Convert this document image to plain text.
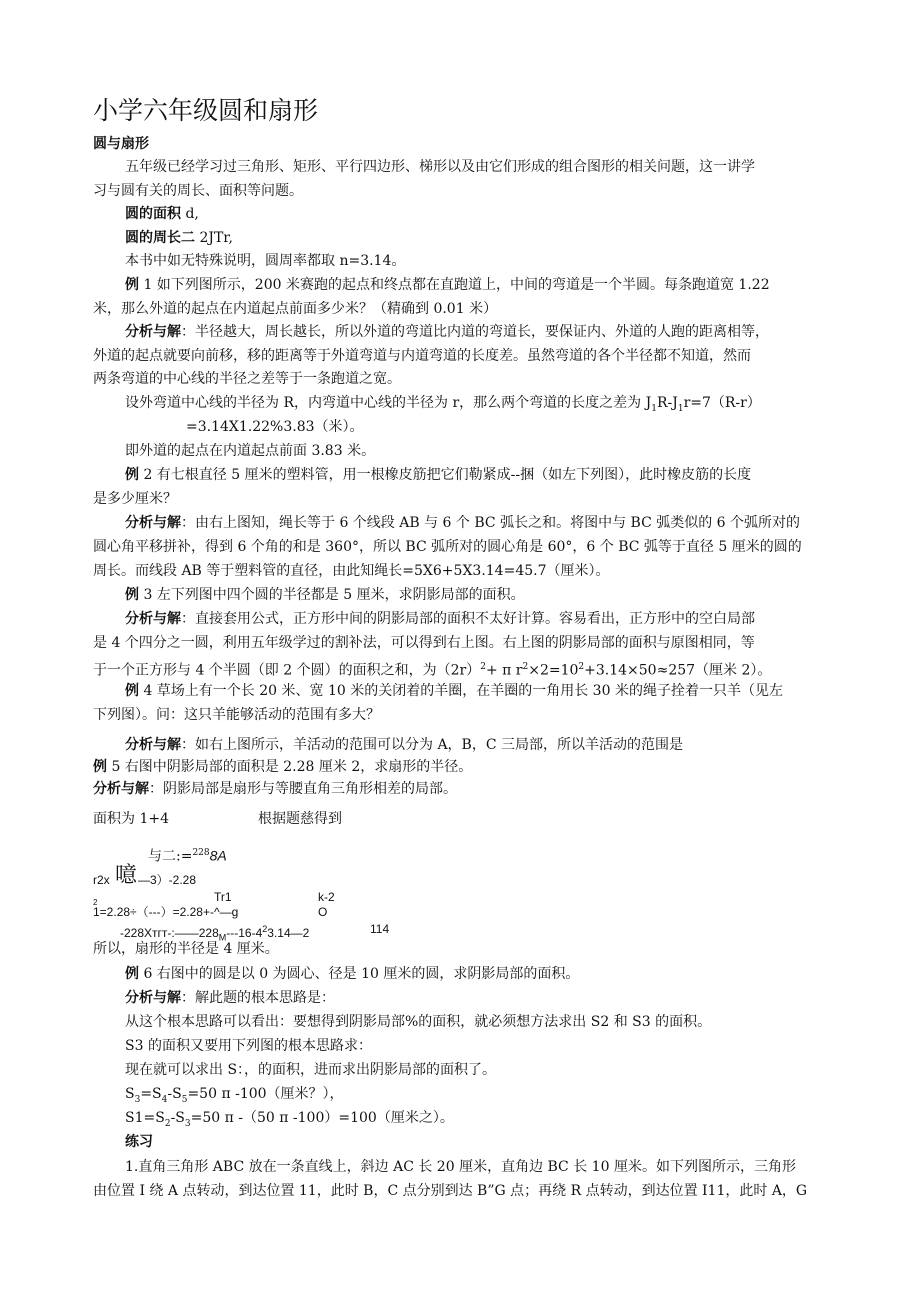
小学六年级圆和扇形
圆与扇形
五年级已经学习过三角形、矩形、平行四边形、梯形以及由它们形成的组合图形的相关问题，这一讲学
习与圆有关的周长、面积等问题。
圆的面积 d,
圆的周长二 2JTr,
本书中如无特殊说明，圆周率都取 n=3.14。
例 1 如下列图所示，200 米赛跑的起点和终点都在直跑道上，中间的弯道是一个半圆。每条跑道宽 1.22
米，那么外道的起点在内道起点前面多少米？（精确到 0.01 米）
分析与解：半径越大，周长越长，所以外道的弯道比内道的弯道长，要保证内、外道的人跑的距离相等，
外道的起点就要向前移，移的距离等于外道弯道与内道弯道的长度差。虽然弯道的各个半径都不知道，然而
两条弯道的中心线的半径之差等于一条跑道之宽。
设外弯道中心线的半径为 R，内弯道中心线的半径为 r，那么两个弯道的长度之差为 $J_1R-J_1r=7(R-r)$
=3.14X1.22%3.83（米）。
即外道的起点在内道起点前面 3.83 米。
例 2 有七根直径 5 厘米的塑料管，用一根橡皮筋把它们勒紧成--捆（如左下列图），此时橡皮筋的长度
是多少厘米？
分析与解：由右上图知，绳长等于 6 个线段 AB 与 6 个 BC 弧长之和。将图中与 BC 弧类似的 6 个弧所对的
圆心角平移拼补，得到 6 个角的和是 360°，所以 BC 弧所对的圆心角是 60°，6 个 BC 弧等于直径 5 厘米的圆的
周长。而线段 AB 等于塑料管的直径，由此知绳长=5X6+5X3.14=45.7（厘米）。
例 3 左下列图中四个圆的半径都是 5 厘米，求阴影局部的面积。
分析与解：直接套用公式，正方形中间的阴影局部的面积不太好计算。容易看出，正方形中的空白局部
是 4 个四分之一圆，利用五年级学过的割补法，可以得到右上图。右上图的阴影局部的面积与原图相同，等
于一个正方形与 4 个半圆（即 2 个圆）的面积之和，为$(2r)^2+ \pi$ $r^2\times 2=10^2+3.14\times 50\approx 257$（厘米 2）。
例 4 草场上有一个长 20 米、宽 10 米的关闭着的羊圈，在羊圈的一角用长 30 米的绳子拴着一只羊（见左
下列图）。问：这只羊能够活动的范围有多大？
分析与解：如右上图所示，羊活动的范围可以分为 A，B，C 三局部，所以羊活动的范围是
例 5 右图中阴影局部的面积是 2.28 厘米 2，求扇形的半径。
分析与解：阴影局部是扇形与等腰直角三角形相差的局部。
面积为 1+4	根据题慈得到
与二:=$^{228}$8A
r2x 噫 —3）-2.28
Tr1	k-2
2
1=2.28÷（---）=2.28+-^—g	O
$-228Xтгт-:——228_M---16-4^23.14—2$	114
所以，扇形的半径是 4 厘米。
例 6 右图中的圆是以 0 为圆心、径是 10 厘米的圆，求阴影局部的面积。
分析与解：解此题的根本思路是：
从这个根本思路可以看出：要想得到阴影局部%的面积，就必须想方法求出 S2 和 S3 的面积。
S3 的面积又要用下列图的根本思路求：
现在就可以求出 S：，的面积，进而求出阴影局部的面积了。
$S_3=S_4-S_5=50$ π -100（厘米？），
$S1=S_2-S_3=50$ π -（50 π -100）=100（厘米之）。
练习
1.直角三角形 ABC 放在一条直线上，斜边 AC 长 20 厘米，直角边 BC 长 10 厘米。如下列图所示，三角形
由位置 I 绕 A 点转动，到达位置 11，此时 B，C 点分别到达 B”G 点；再绕 R 点转动，到达位置 I11，此时 A，G
